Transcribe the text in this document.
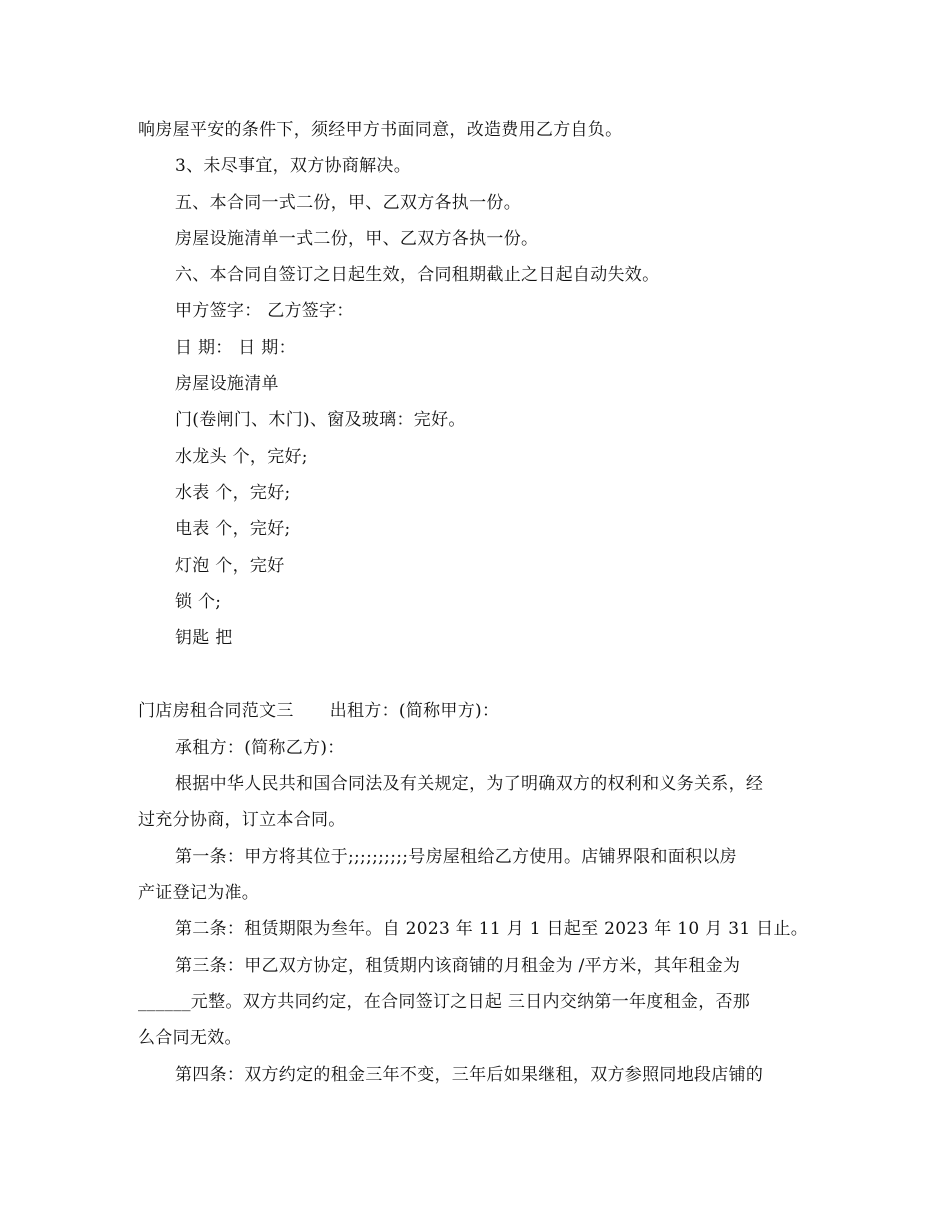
响房屋平安的条件下，须经甲方书面同意，改造费用乙方自负。
3、未尽事宜，双方协商解决。
五、本合同一式二份，甲、乙双方各执一份。
房屋设施清单一式二份，甲、乙双方各执一份。
六、本合同自签订之日起生效，合同租期截止之日起自动失效。
甲方签字： 乙方签字：
日 期： 日 期：
房屋设施清单
门(卷闸门、木门)、窗及玻璃：完好。
水龙头 个，完好;
水表 个，完好;
电表 个，完好;
灯泡 个，完好
锁 个;
钥匙 把
门店房租合同范文三 出租方：(简称甲方)：
承租方：(简称乙方)：
根据中华人民共和国合同法及有关规定，为了明确双方的权利和义务关系，经
过充分协商，订立本合同。
第一条：甲方将其位于;;;;;;;;;;号房屋租给乙方使用。店铺界限和面积以房
产证登记为准。
第二条：租赁期限为叁年。自 2023 年 11 月 1 日起至 2023 年 10 月 31 日止。
第三条：甲乙双方协定，租赁期内该商铺的月租金为 /平方米，其年租金为
______元整。双方共同约定，在合同签订之日起 三日内交纳第一年度租金，否那
么合同无效。
第四条：双方约定的租金三年不变，三年后如果继租，双方参照同地段店铺的
